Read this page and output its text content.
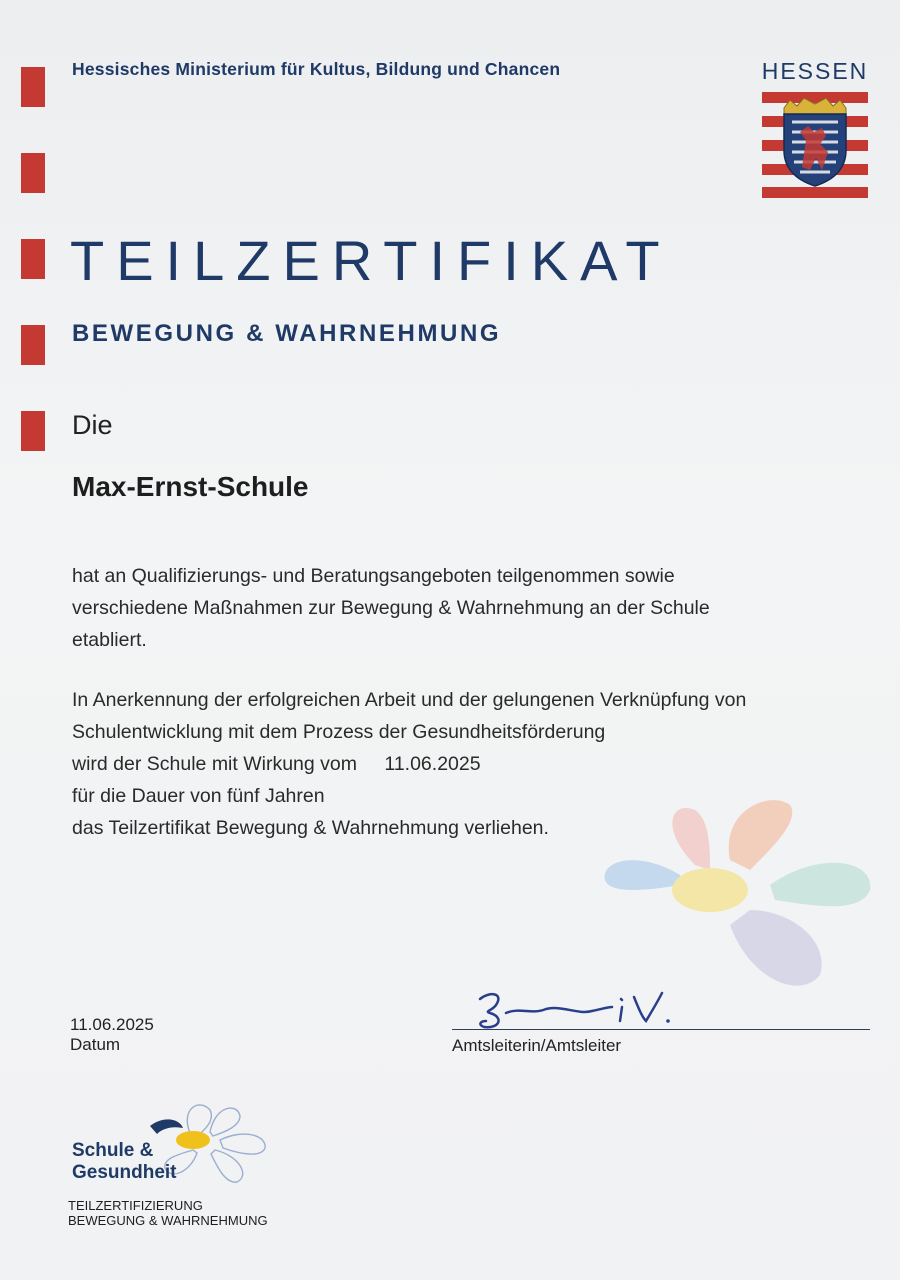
Hessisches Ministerium für Kultus, Bildung und Chancen	HESSEN
TEILZERTIFIKAT
BEWEGUNG & WAHRNEHMUNG
Die
Max-Ernst-Schule
hat an Qualifizierungs- und Beratungsangeboten teilgenommen sowie
verschiedene Maßnahmen zur Bewegung & Wahrnehmung an der Schule
etabliert.
In Anerkennung der erfolgreichen Arbeit und der gelungenen Verknüpfung von
Schulentwicklung mit dem Prozess der Gesundheitsförderung
wird der Schule mit Wirkung vom 11.06.2025
für die Dauer von fünf Jahren
das Teilzertifikat Bewegung & Wahrnehmung verliehen.
11.06.2025
Datum	Amtsleiterin/Amtsleiter
Schule &
Gesundheit
TEILZERTIFIZIERUNG
BEWEGUNG & WAHRNEHMUNG
